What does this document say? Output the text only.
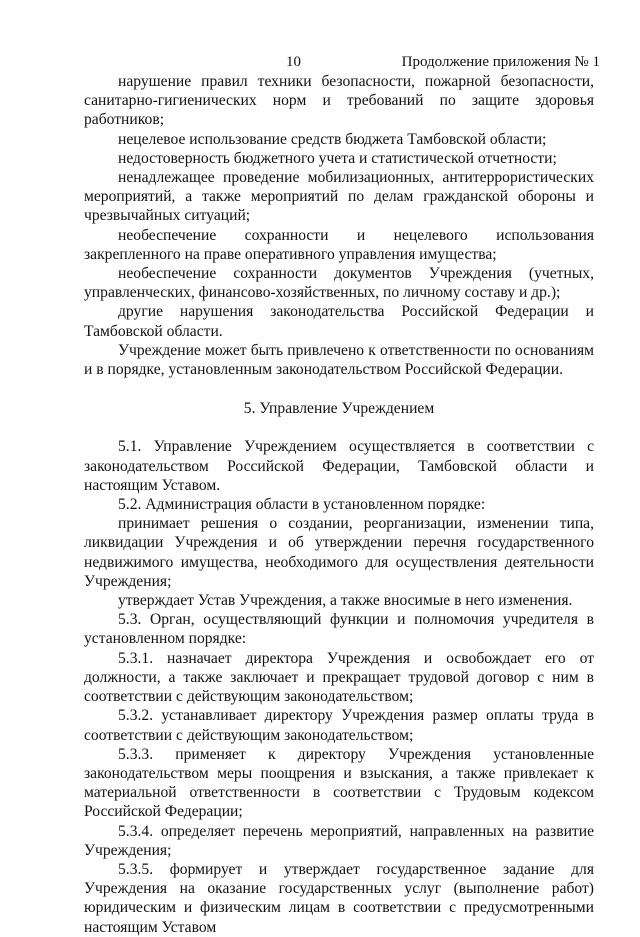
10	Продолжение приложения № 1

нарушение правил техники безопасности, пожарной безопасности, санитарно-гигиенических норм и требований по защите здоровья работников;

нецелевое использование средств бюджета Тамбовской области;

недостоверность бюджетного учета и статистической отчетности;

ненадлежащее проведение мобилизационных, антитеррористических мероприятий, а также мероприятий по делам гражданской обороны и чрезвычайных ситуаций;

необеспечение сохранности и нецелевого использования закрепленного на праве оперативного управления имущества;

необеспечение сохранности документов Учреждения (учетных, управленческих, финансово-хозяйственных, по личному составу и др.);

другие нарушения законодательства Российской Федерации и Тамбовской области.

Учреждение может быть привлечено к ответственности по основаниям и в порядке, установленным законодательством Российской Федерации.

5. Управление Учреждением

5.1. Управление Учреждением осуществляется в соответствии с законодательством Российской Федерации, Тамбовской области и настоящим Уставом.

5.2. Администрация области в установленном порядке:

принимает решения о создании, реорганизации, изменении типа, ликвидации Учреждения и об утверждении перечня государственного недвижимого имущества, необходимого для осуществления деятельности Учреждения;

утверждает Устав Учреждения, а также вносимые в него изменения.

5.3. Орган, осуществляющий функции и полномочия учредителя в установленном порядке:

5.3.1. назначает директора Учреждения и освобождает его от должности, а также заключает и прекращает трудовой договор с ним в соответствии с действующим законодательством;

5.3.2. устанавливает директору Учреждения размер оплаты труда в соответствии с действующим законодательством;

5.3.3. применяет к директору Учреждения установленные законодательством меры поощрения и взыскания, а также привлекает к материальной ответственности в соответствии с Трудовым кодексом Российской Федерации;

5.3.4. определяет перечень мероприятий, направленных на развитие Учреждения;

5.3.5. формирует и утверждает государственное задание для Учреждения на оказание государственных услуг (выполнение работ) юридическим и физическим лицам в соответствии с предусмотренными настоящим Уставом
